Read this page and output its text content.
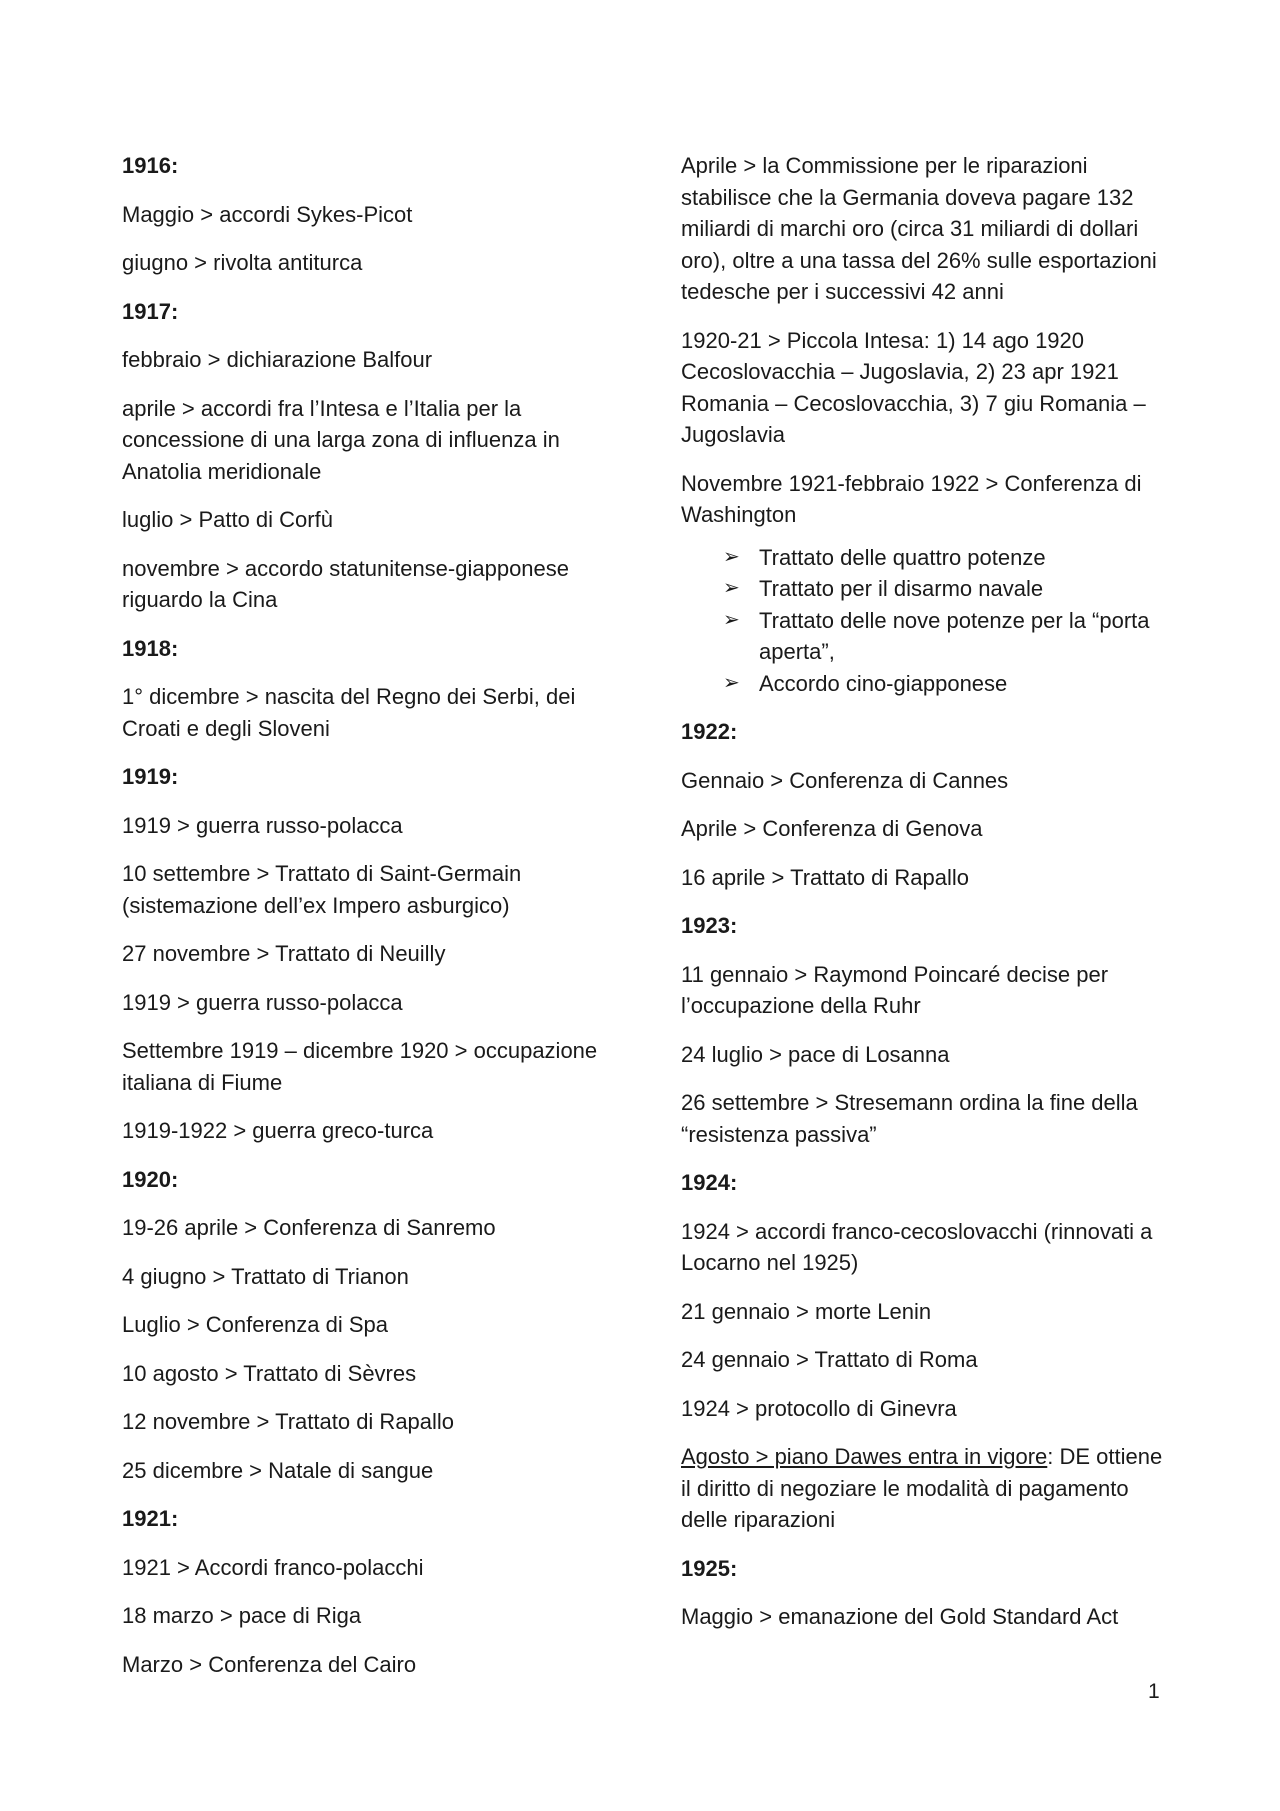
1916:

Maggio > accordi Sykes-Picot

giugno > rivolta antiturca

1917:

febbraio > dichiarazione Balfour

aprile > accordi fra l’Intesa e l’Italia per la concessione di una larga zona di influenza in Anatolia meridionale

luglio > Patto di Corfù

novembre > accordo statunitense-giapponese riguardo la Cina

1918:

1° dicembre > nascita del Regno dei Serbi, dei Croati e degli Sloveni

1919:

1919 > guerra russo-polacca

10 settembre > Trattato di Saint-Germain (sistemazione dell’ex Impero asburgico)

27 novembre > Trattato di Neuilly

1919 > guerra russo-polacca

Settembre 1919 – dicembre 1920 > occupazione italiana di Fiume

1919-1922 > guerra greco-turca

1920:

19-26 aprile > Conferenza di Sanremo

4 giugno > Trattato di Trianon

Luglio > Conferenza di Spa

10 agosto > Trattato di Sèvres

12 novembre > Trattato di Rapallo

25 dicembre > Natale di sangue

1921:

1921 > Accordi franco-polacchi

18 marzo > pace di Riga

Marzo > Conferenza del Cairo

Aprile > la Commissione per le riparazioni stabilisce che la Germania doveva pagare 132 miliardi di marchi oro (circa 31 miliardi di dollari oro), oltre a una tassa del 26% sulle esportazioni tedesche per i successivi 42 anni

1920-21 > Piccola Intesa: 1) 14 ago 1920 Cecoslovacchia – Jugoslavia, 2) 23 apr 1921 Romania – Cecoslovacchia, 3) 7 giu Romania – Jugoslavia

Novembre 1921-febbraio 1922 > Conferenza di Washington

➢ Trattato delle quattro potenze
➢ Trattato per il disarmo navale
➢ Trattato delle nove potenze per la “porta aperta”,
➢ Accordo cino-giapponese

1922:

Gennaio > Conferenza di Cannes

Aprile > Conferenza di Genova

16 aprile > Trattato di Rapallo

1923:

11 gennaio > Raymond Poincaré decise per l’occupazione della Ruhr

24 luglio > pace di Losanna

26 settembre > Stresemann ordina la fine della “resistenza passiva”

1924:

1924 > accordi franco-cecoslovacchi (rinnovati a Locarno nel 1925)

21 gennaio > morte Lenin

24 gennaio > Trattato di Roma

1924 > protocollo di Ginevra

Agosto > piano Dawes entra in vigore: DE ottiene il diritto di negoziare le modalità di pagamento delle riparazioni

1925:

Maggio > emanazione del Gold Standard Act

1
